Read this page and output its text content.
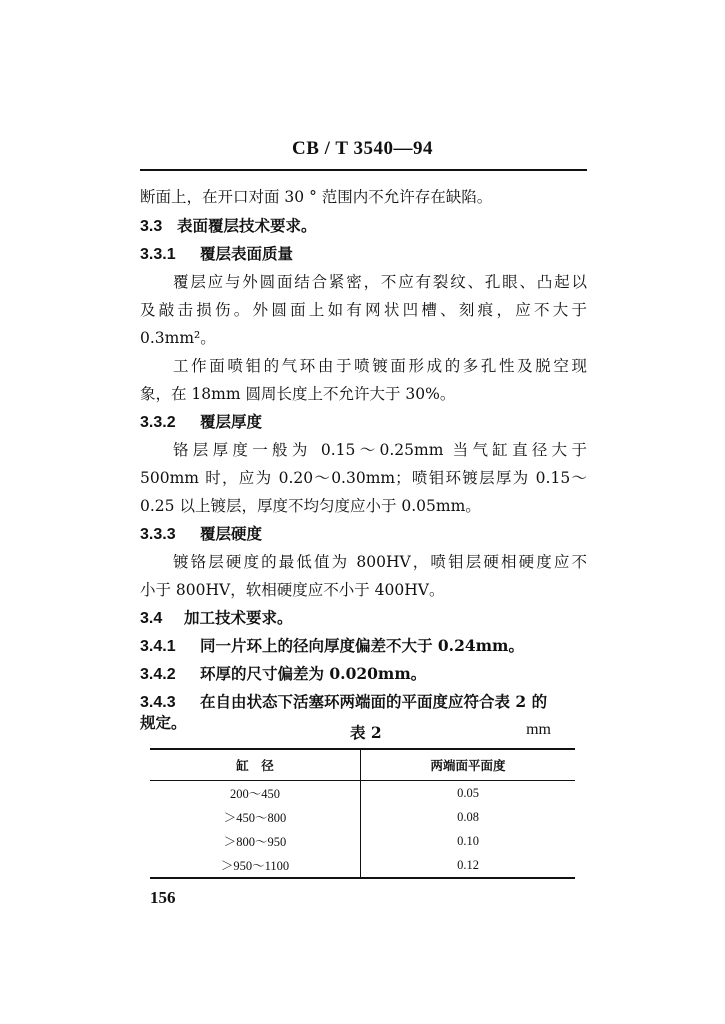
CB / T 3540—94
断面上，在开口对面 30 ° 范围内不允许存在缺陷。
3.3 表面覆层技术要求。
3.3.1 覆层表面质量
覆层应与外圆面结合紧密，不应有裂纹、孔眼、凸起以
及敲击损伤。外圆面上如有网状凹槽、刻痕，应不大于
0.3mm²。
工作面喷钼的气环由于喷镀面形成的多孔性及脱空现
象，在 18mm 圆周长度上不允许大于 30%。
3.3.2 覆层厚度
铬层厚度一般为 0.15～0.25mm 当气缸直径大于
500mm 时，应为 0.20～0.30mm；喷钼环镀层厚为 0.15～
0.25 以上镀层，厚度不均匀度应小于 0.05mm。
3.3.3 覆层硬度
镀铬层硬度的最低值为 800HV，喷钼层硬相硬度应不
小于 800HV，软相硬度应不小于 400HV。
3.4 加工技术要求。
3.4.1 同一片环上的径向厚度偏差不大于 0.24mm。
3.4.2 环厚的尺寸偏差为 0.020mm。
3.4.3 在自由状态下活塞环两端面的平面度应符合表 2 的
规定。
表 2	mm
缸　径	两端面平面度
200～450	0.05
＞450～800	0.08
＞800～950	0.10
＞950～1100	0.12
156
